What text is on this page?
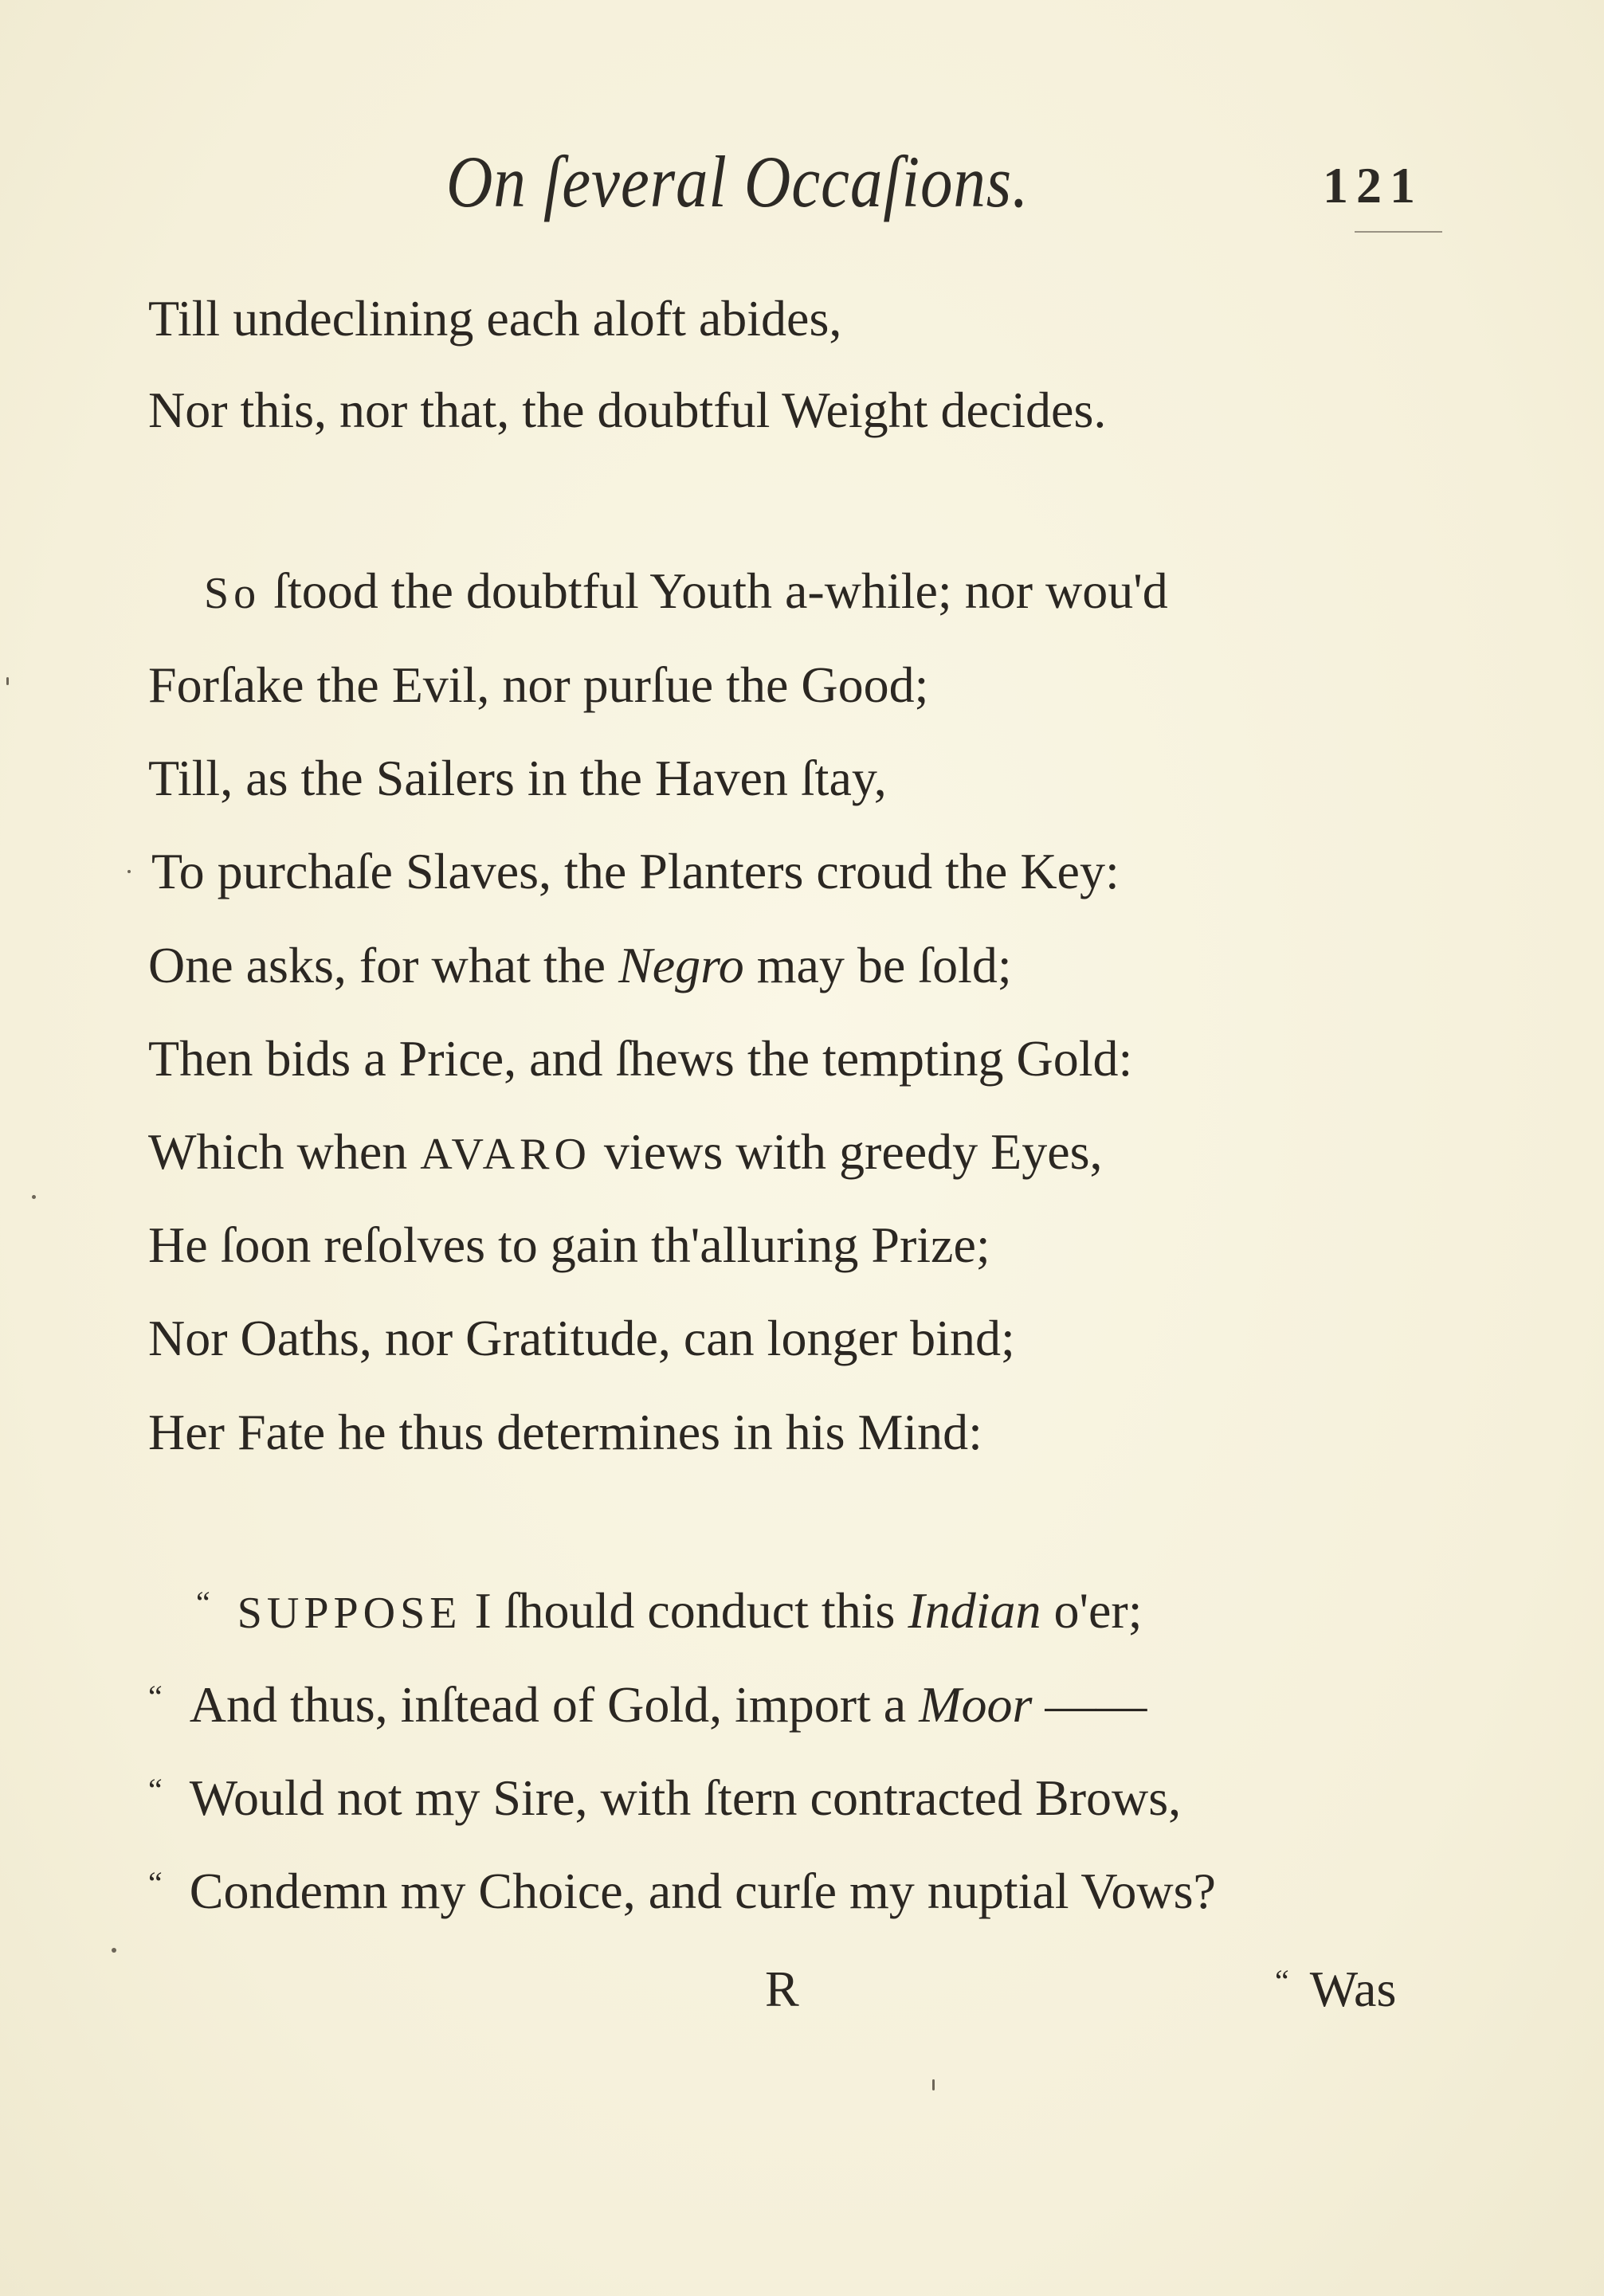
On ſeveral Occaſions.	121
Till undeclining each aloft abides,
Nor this, nor that, the doubtful Weight decides.
So ſtood the doubtful Youth a-while; nor wou'd
Forſake the Evil, nor purſue the Good;
Till, as the Sailers in the Haven ſtay,
To purchaſe Slaves, the Planters croud the Key:
One asks, for what the Negro may be ſold;
Then bids a Price, and ſhews the tempting Gold:
Which when AVARO views with greedy Eyes,
He ſoon reſolves to gain th'alluring Prize;
Nor Oaths, nor Gratitude, can longer bind;
Her Fate he thus determines in his Mind:
“ SUPPOSE I ſhould conduct this Indian o'er;
“ And thus, inſtead of Gold, import a Moor ——
“ Would not my Sire, with ſtern contracted Brows,
“ Condemn my Choice, and curſe my nuptial Vows?
R	“ Was
